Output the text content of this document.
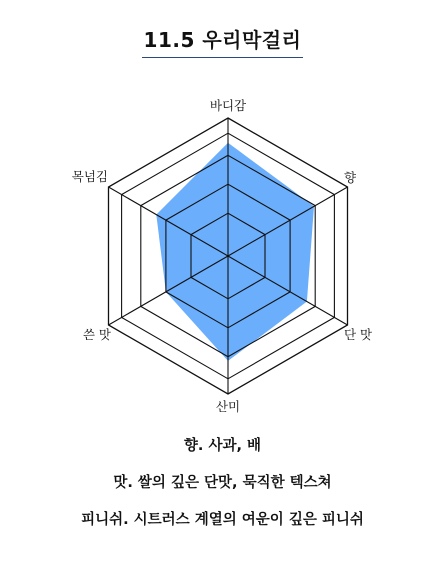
11.5 우리막걸리
바디감
향
단 맛
산미
쓴 맛
목넘김
향. 사과, 배
맛. 쌀의 깊은 단맛, 묵직한 텍스쳐
피니쉬. 시트러스 계열의 여운이 깊은 피니쉬
